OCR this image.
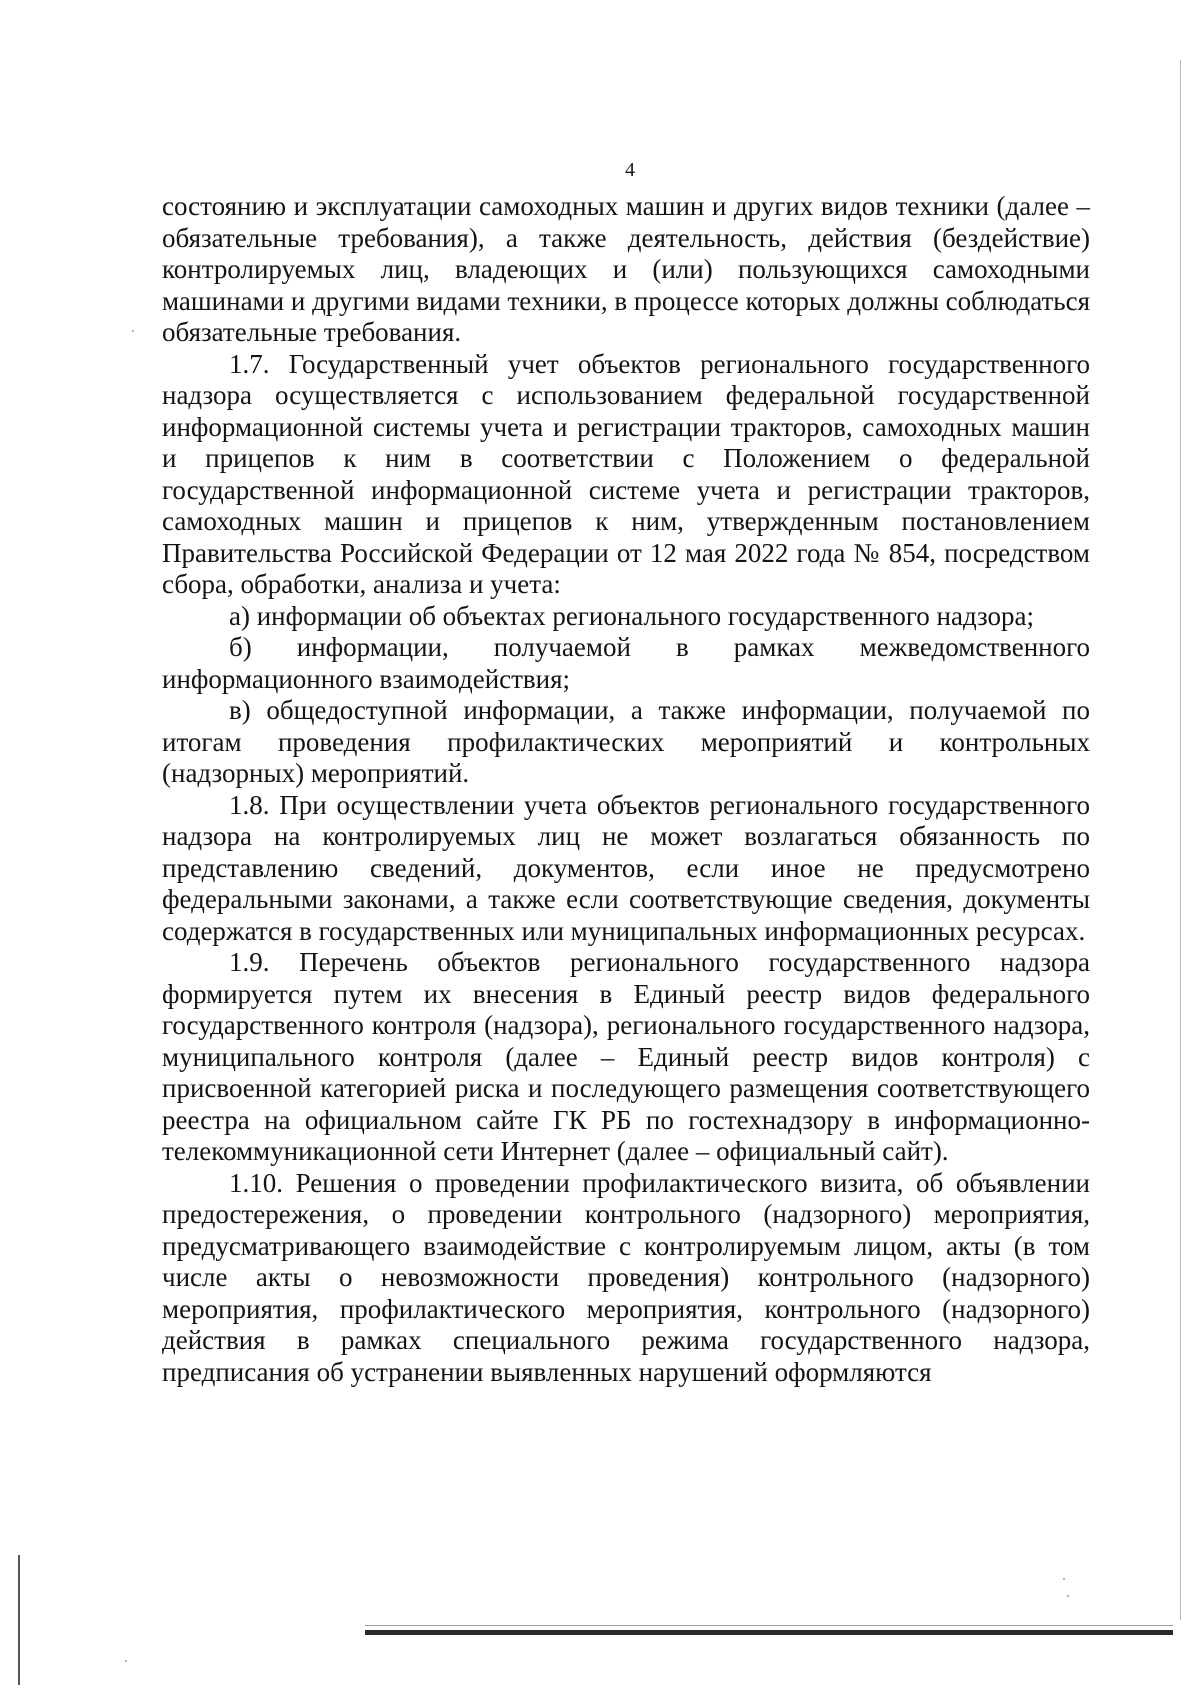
4

состоянию и эксплуатации самоходных машин и других видов техники (далее – обязательные требования), а также деятельность, действия (бездействие) контролируемых лиц, владеющих и (или) пользующихся самоходными машинами и другими видами техники, в процессе которых должны соблюдаться обязательные требования.

1.7. Государственный учет объектов регионального государственного надзора осуществляется с использованием федеральной государственной информационной системы учета и регистрации тракторов, самоходных машин и прицепов к ним в соответствии с Положением о федеральной государственной информационной системе учета и регистрации тракторов, самоходных машин и прицепов к ним, утвержденным постановлением Правительства Российской Федерации от 12 мая 2022 года № 854, посредством сбора, обработки, анализа и учета:

а) информации об объектах регионального государственного надзора;

б) информации, получаемой в рамках межведомственного информационного взаимодействия;

в) общедоступной информации, а также информации, получаемой по итогам проведения профилактических мероприятий и контрольных (надзорных) мероприятий.

1.8. При осуществлении учета объектов регионального государственного надзора на контролируемых лиц не может возлагаться обязанность по представлению сведений, документов, если иное не предусмотрено федеральными законами, а также если соответствующие сведения, документы содержатся в государственных или муниципальных информационных ресурсах.

1.9. Перечень объектов регионального государственного надзора формируется путем их внесения в Единый реестр видов федерального государственного контроля (надзора), регионального государственного надзора, муниципального контроля (далее – Единый реестр видов контроля) с присвоенной категорией риска и последующего размещения соответствующего реестра на официальном сайте ГК РБ по гостехнадзору в информационно-телекоммуникационной сети Интернет (далее – официальный сайт).

1.10. Решения о проведении профилактического визита, об объявлении предостережения, о проведении контрольного (надзорного) мероприятия, предусматривающего взаимодействие с контролируемым лицом, акты (в том числе акты о невозможности проведения) контрольного (надзорного) мероприятия, профилактического мероприятия, контрольного (надзорного) действия в рамках специального режима государственного надзора, предписания об устранении выявленных нарушений оформляются
